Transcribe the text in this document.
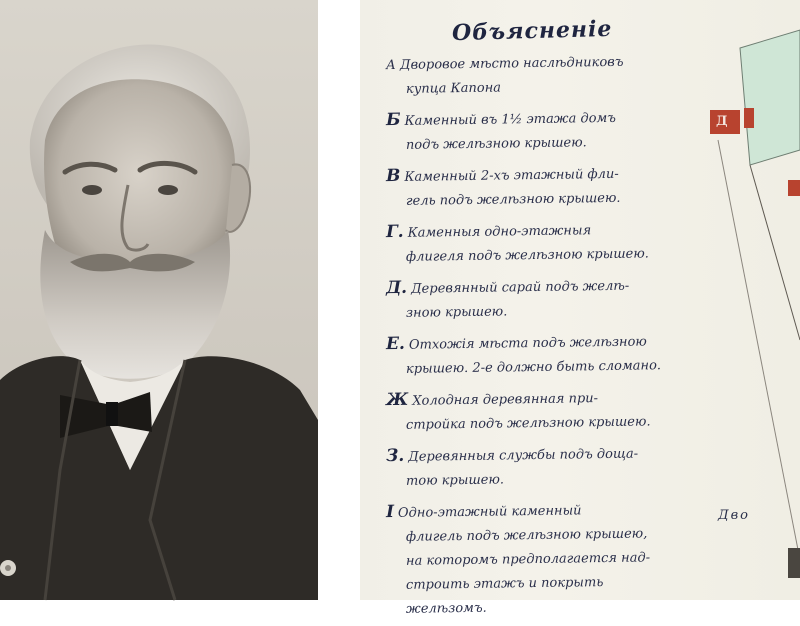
Объясненіе
А Дворовое мѣсто наслѣдниковъ
купца Капона
Б Каменный въ 1½ этажа домъ
подъ желѣзною крышею.
В Каменный 2-хъ этажный фли-
гель подъ желѣзною крышею.
Г. Каменныя одно-этажныя
флигеля подъ желѣзною крышею.
Д. Деревянный сарай подъ желѣ-
зною крышею.
Е. Отхожiя мѣста подъ желѣзною
крышею. 2-е должно быть сломано.
Ж Холодная деревянная при-
стройка подъ желѣзною крышею.
З. Деревянныя службы подъ доща-
тою крышею.
І Одно-этажный каменный
флигель подъ желѣзною крышею,
на которомъ предполагается над-
строить этажъ и покрыть
желѣзомъ.
Д
Дво
